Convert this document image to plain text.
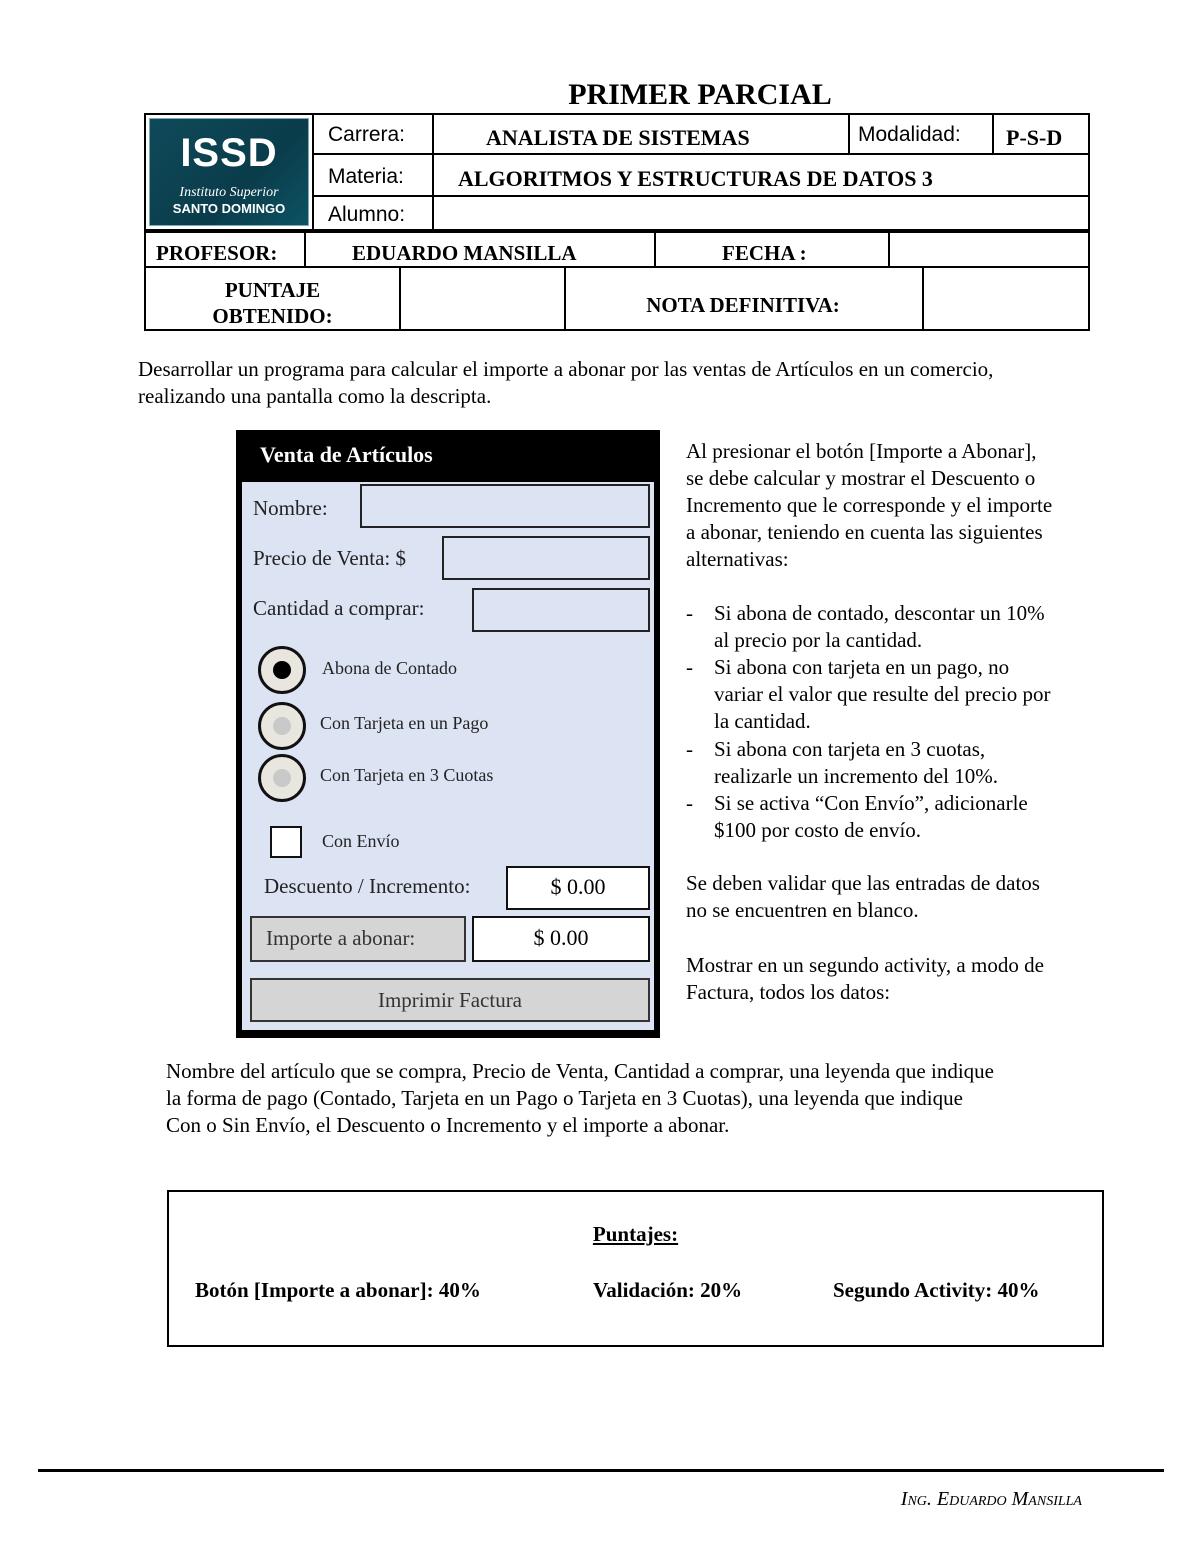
PRIMER PARCIAL
ISSD
Instituto Superior
SANTO DOMINGO
Carrera:	ANALISTA DE SISTEMAS	Modalidad: P-S-D
Materia: ALGORITMOS Y ESTRUCTURAS DE DATOS 3
Alumno:
PROFESOR:	EDUARDO MANSILLA	FECHA :
PUNTAJE
OBTENIDO:	NOTA DEFINITIVA:
Desarrollar un programa para calcular el importe a abonar por las ventas de Artículos en un comercio,
realizando una pantalla como la descripta.
Venta de Artículos
Nombre:
Precio de Venta: $
Cantidad a comprar:
Abona de Contado
Con Tarjeta en un Pago
Con Tarjeta en 3 Cuotas
Con Envío
Descuento / Incremento:	$ 0.00
Importe a abonar:	$ 0.00
Imprimir Factura
Al presionar el botón [Importe a Abonar],
se debe calcular y mostrar el Descuento o
Incremento que le corresponde y el importe
a abonar, teniendo en cuenta las siguientes
alternativas:
- Si abona de contado, descontar un 10%
al precio por la cantidad.
- Si abona con tarjeta en un pago, no
variar el valor que resulte del precio por
la cantidad.
- Si abona con tarjeta en 3 cuotas,
realizarle un incremento del 10%.
- Si se activa “Con Envío”, adicionarle
$100 por costo de envío.
Se deben validar que las entradas de datos
no se encuentren en blanco.
Mostrar en un segundo activity, a modo de
Factura, todos los datos:
Nombre del artículo que se compra, Precio de Venta, Cantidad a comprar, una leyenda que indique
la forma de pago (Contado, Tarjeta en un Pago o Tarjeta en 3 Cuotas), una leyenda que indique
Con o Sin Envío, el Descuento o Incremento y el importe a abonar.
Puntajes:
Botón [Importe a abonar]: 40%	Validación: 20%	Segundo Activity: 40%
Ing. Eduardo Mansilla
